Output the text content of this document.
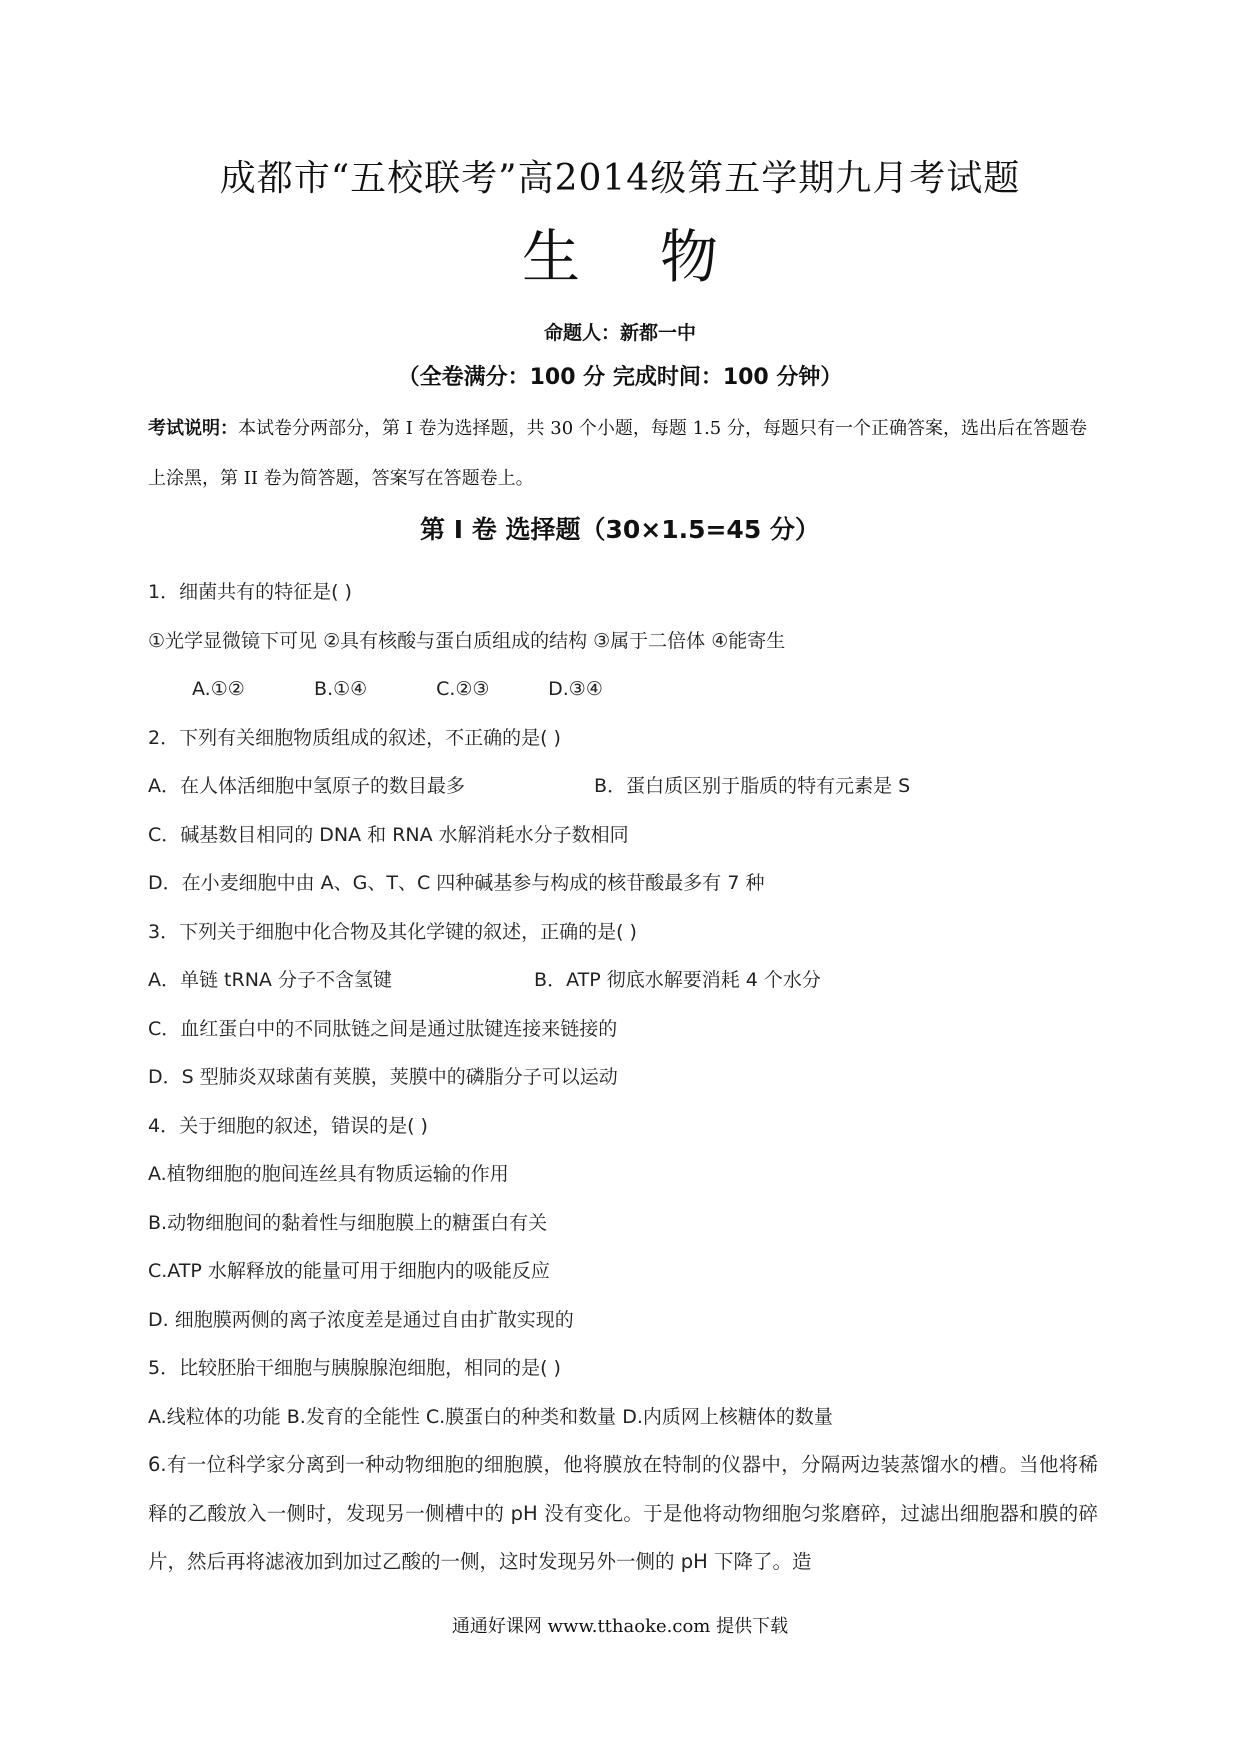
成都市“五校联考”高2014级第五学期九月考试题
生物
命题人：新都一中
（全卷满分：100 分 完成时间：100 分钟）
考试说明：本试卷分两部分，第 I 卷为选择题，共 30 个小题，每题 1.5 分，每题只有一个正确答案，选出后在答题卷上涂黑，第 II 卷为简答题，答案写在答题卷上。
第 I 卷 选择题（30×1.5=45 分）
1．细菌共有的特征是( )
①光学显微镜下可见 ②具有核酸与蛋白质组成的结构 ③属于二倍体 ④能寄生
A.①②	B.①④	C.②③	D.③④
2．下列有关细胞物质组成的叙述，不正确的是( )
A．在人体活细胞中氢原子的数目最多	B．蛋白质区别于脂质的特有元素是 S
C．碱基数目相同的 DNA 和 RNA 水解消耗水分子数相同
D．在小麦细胞中由 A、G、T、C 四种碱基参与构成的核苷酸最多有 7 种
3．下列关于细胞中化合物及其化学键的叙述，正确的是( )
A．单链 tRNA 分子不含氢键	B．ATP 彻底水解要消耗 4 个水分
C．血红蛋白中的不同肽链之间是通过肽键连接来链接的
D．S 型肺炎双球菌有荚膜，荚膜中的磷脂分子可以运动
4．关于细胞的叙述，错误的是( )
A.植物细胞的胞间连丝具有物质运输的作用
B.动物细胞间的黏着性与细胞膜上的糖蛋白有关
C.ATP 水解释放的能量可用于细胞内的吸能反应
D. 细胞膜两侧的离子浓度差是通过自由扩散实现的
5．比较胚胎干细胞与胰腺腺泡细胞，相同的是( )
A.线粒体的功能 B.发育的全能性 C.膜蛋白的种类和数量 D.内质网上核糖体的数量
6.有一位科学家分离到一种动物细胞的细胞膜，他将膜放在特制的仪器中，分隔两边装蒸馏水的槽。当他将稀释的乙酸放入一侧时，发现另一侧槽中的 pH 没有变化。于是他将动物细胞匀浆磨碎，过滤出细胞器和膜的碎片，然后再将滤液加到加过乙酸的一侧，这时发现另外一侧的 pH 下降了。造
通通好课网 www.tthaoke.com 提供下载
